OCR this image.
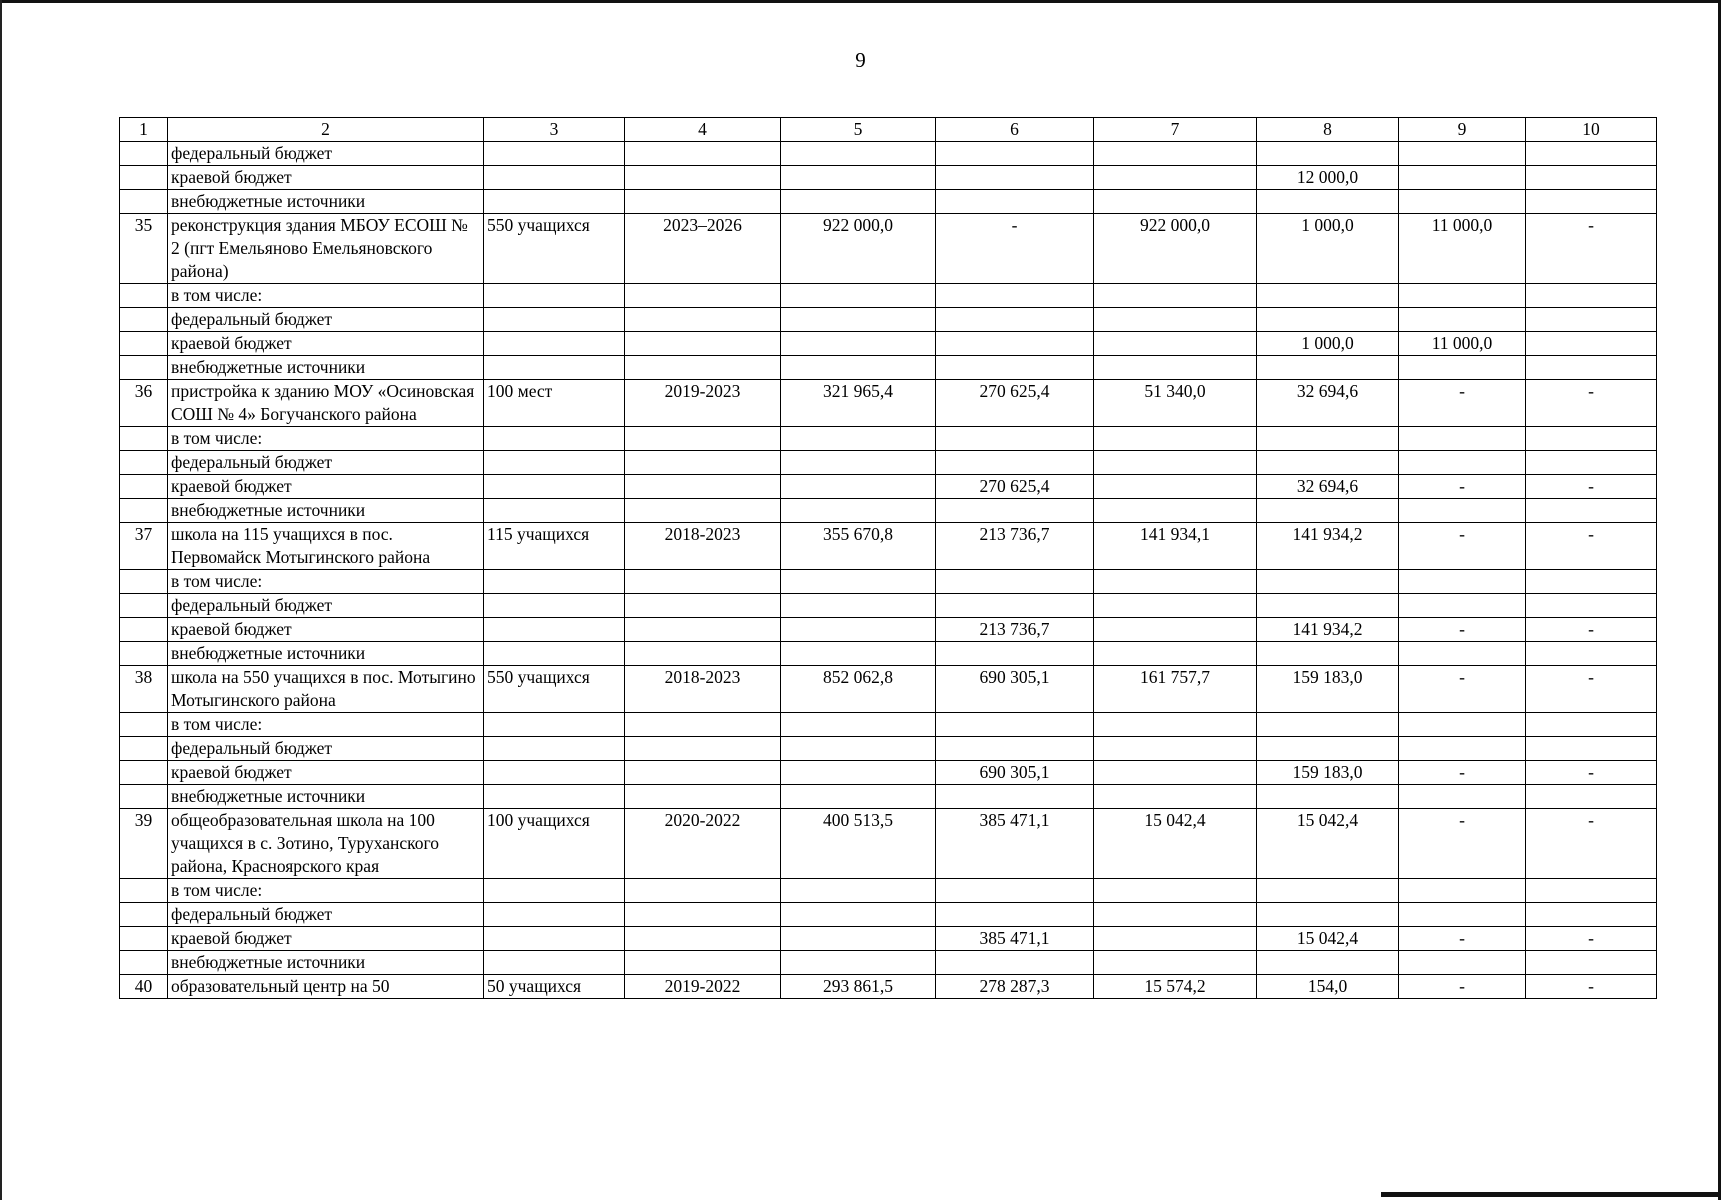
9
1	2	3	4	5	6	7	8	9	10
	федеральный бюджет								
	краевой бюджет						12 000,0		
	внебюджетные источники								
35	реконструкция здания МБОУ ЕСОШ № 2 (пгт Емельяново Емельяновского района)	550 учащихся	2023–2026	922 000,0	-	922 000,0	1 000,0	11 000,0	-
	в том числе:								
	федеральный бюджет								
	краевой бюджет						1 000,0	11 000,0	
	внебюджетные источники								
36	пристройка к зданию МОУ «Осиновская СОШ № 4» Богучанского района	100 мест	2019-2023	321 965,4	270 625,4	51 340,0	32 694,6	-	-
	в том числе:								
	федеральный бюджет								
	краевой бюджет				270 625,4		32 694,6	-	-
	внебюджетные источники								
37	школа на 115 учащихся в пос. Первомайск Мотыгинского района	115 учащихся	2018-2023	355 670,8	213 736,7	141 934,1	141 934,2	-	-
	в том числе:								
	федеральный бюджет								
	краевой бюджет				213 736,7		141 934,2	-	-
	внебюджетные источники								
38	школа на 550 учащихся в пос. Мотыгино Мотыгинского района	550 учащихся	2018-2023	852 062,8	690 305,1	161 757,7	159 183,0	-	-
	в том числе:								
	федеральный бюджет								
	краевой бюджет				690 305,1		159 183,0	-	-
	внебюджетные источники								
39	общеобразовательная школа на 100 учащихся в с. Зотино, Туруханского района, Красноярского края	100 учащихся	2020-2022	400 513,5	385 471,1	15 042,4	15 042,4	-	-
	в том числе:								
	федеральный бюджет								
	краевой бюджет				385 471,1		15 042,4	-	-
	внебюджетные источники								
40	образовательный центр на 50	50 учащихся	2019-2022	293 861,5	278 287,3	15 574,2	154,0	-	-
